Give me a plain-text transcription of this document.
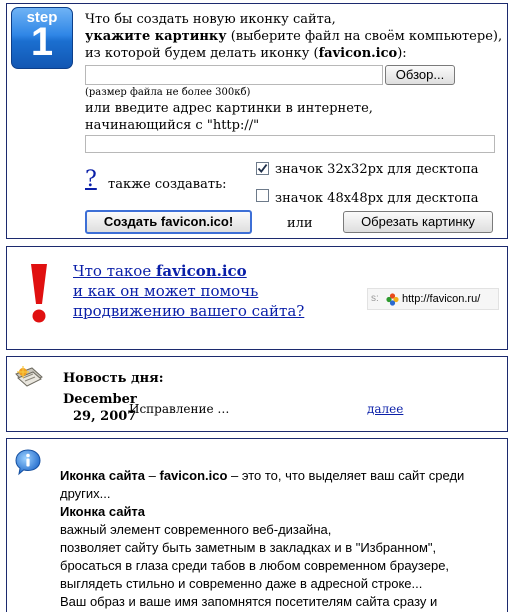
step
1
Что бы создать новую иконку сайта,
укажите картинку (выберите файл на своём компьютере),
из которой будем делать иконку (favicon.ico):
Обзор...
(размер файла не более 300кб)
или введите адрес картинки в интернете,
начинающийся с "http://"
? также создавать:
значок 32x32px для десктопа
значок 48x48px для десктопа
Создать favicon.ico!	или	Обрезать картинку
Что такое favicon.ico
и как он может помочь
продвижению вашего сайта?
s: http://favicon.ru/
Новость дня:
December
29, 2007
Исправление …	далее
Иконка сайта – favicon.ico – это то, что выделяет ваш сайт среди
других...
Иконка сайта
важный элемент современного веб-дизайна,
позволяет сайту быть заметным в закладках и в "Избранном",
бросаться в глаза среди табов в любом современном браузере,
выглядеть стильно и современно даже в адресной строке...
Ваш образ и ваше имя запомнятся посетителям сайта сразу и
